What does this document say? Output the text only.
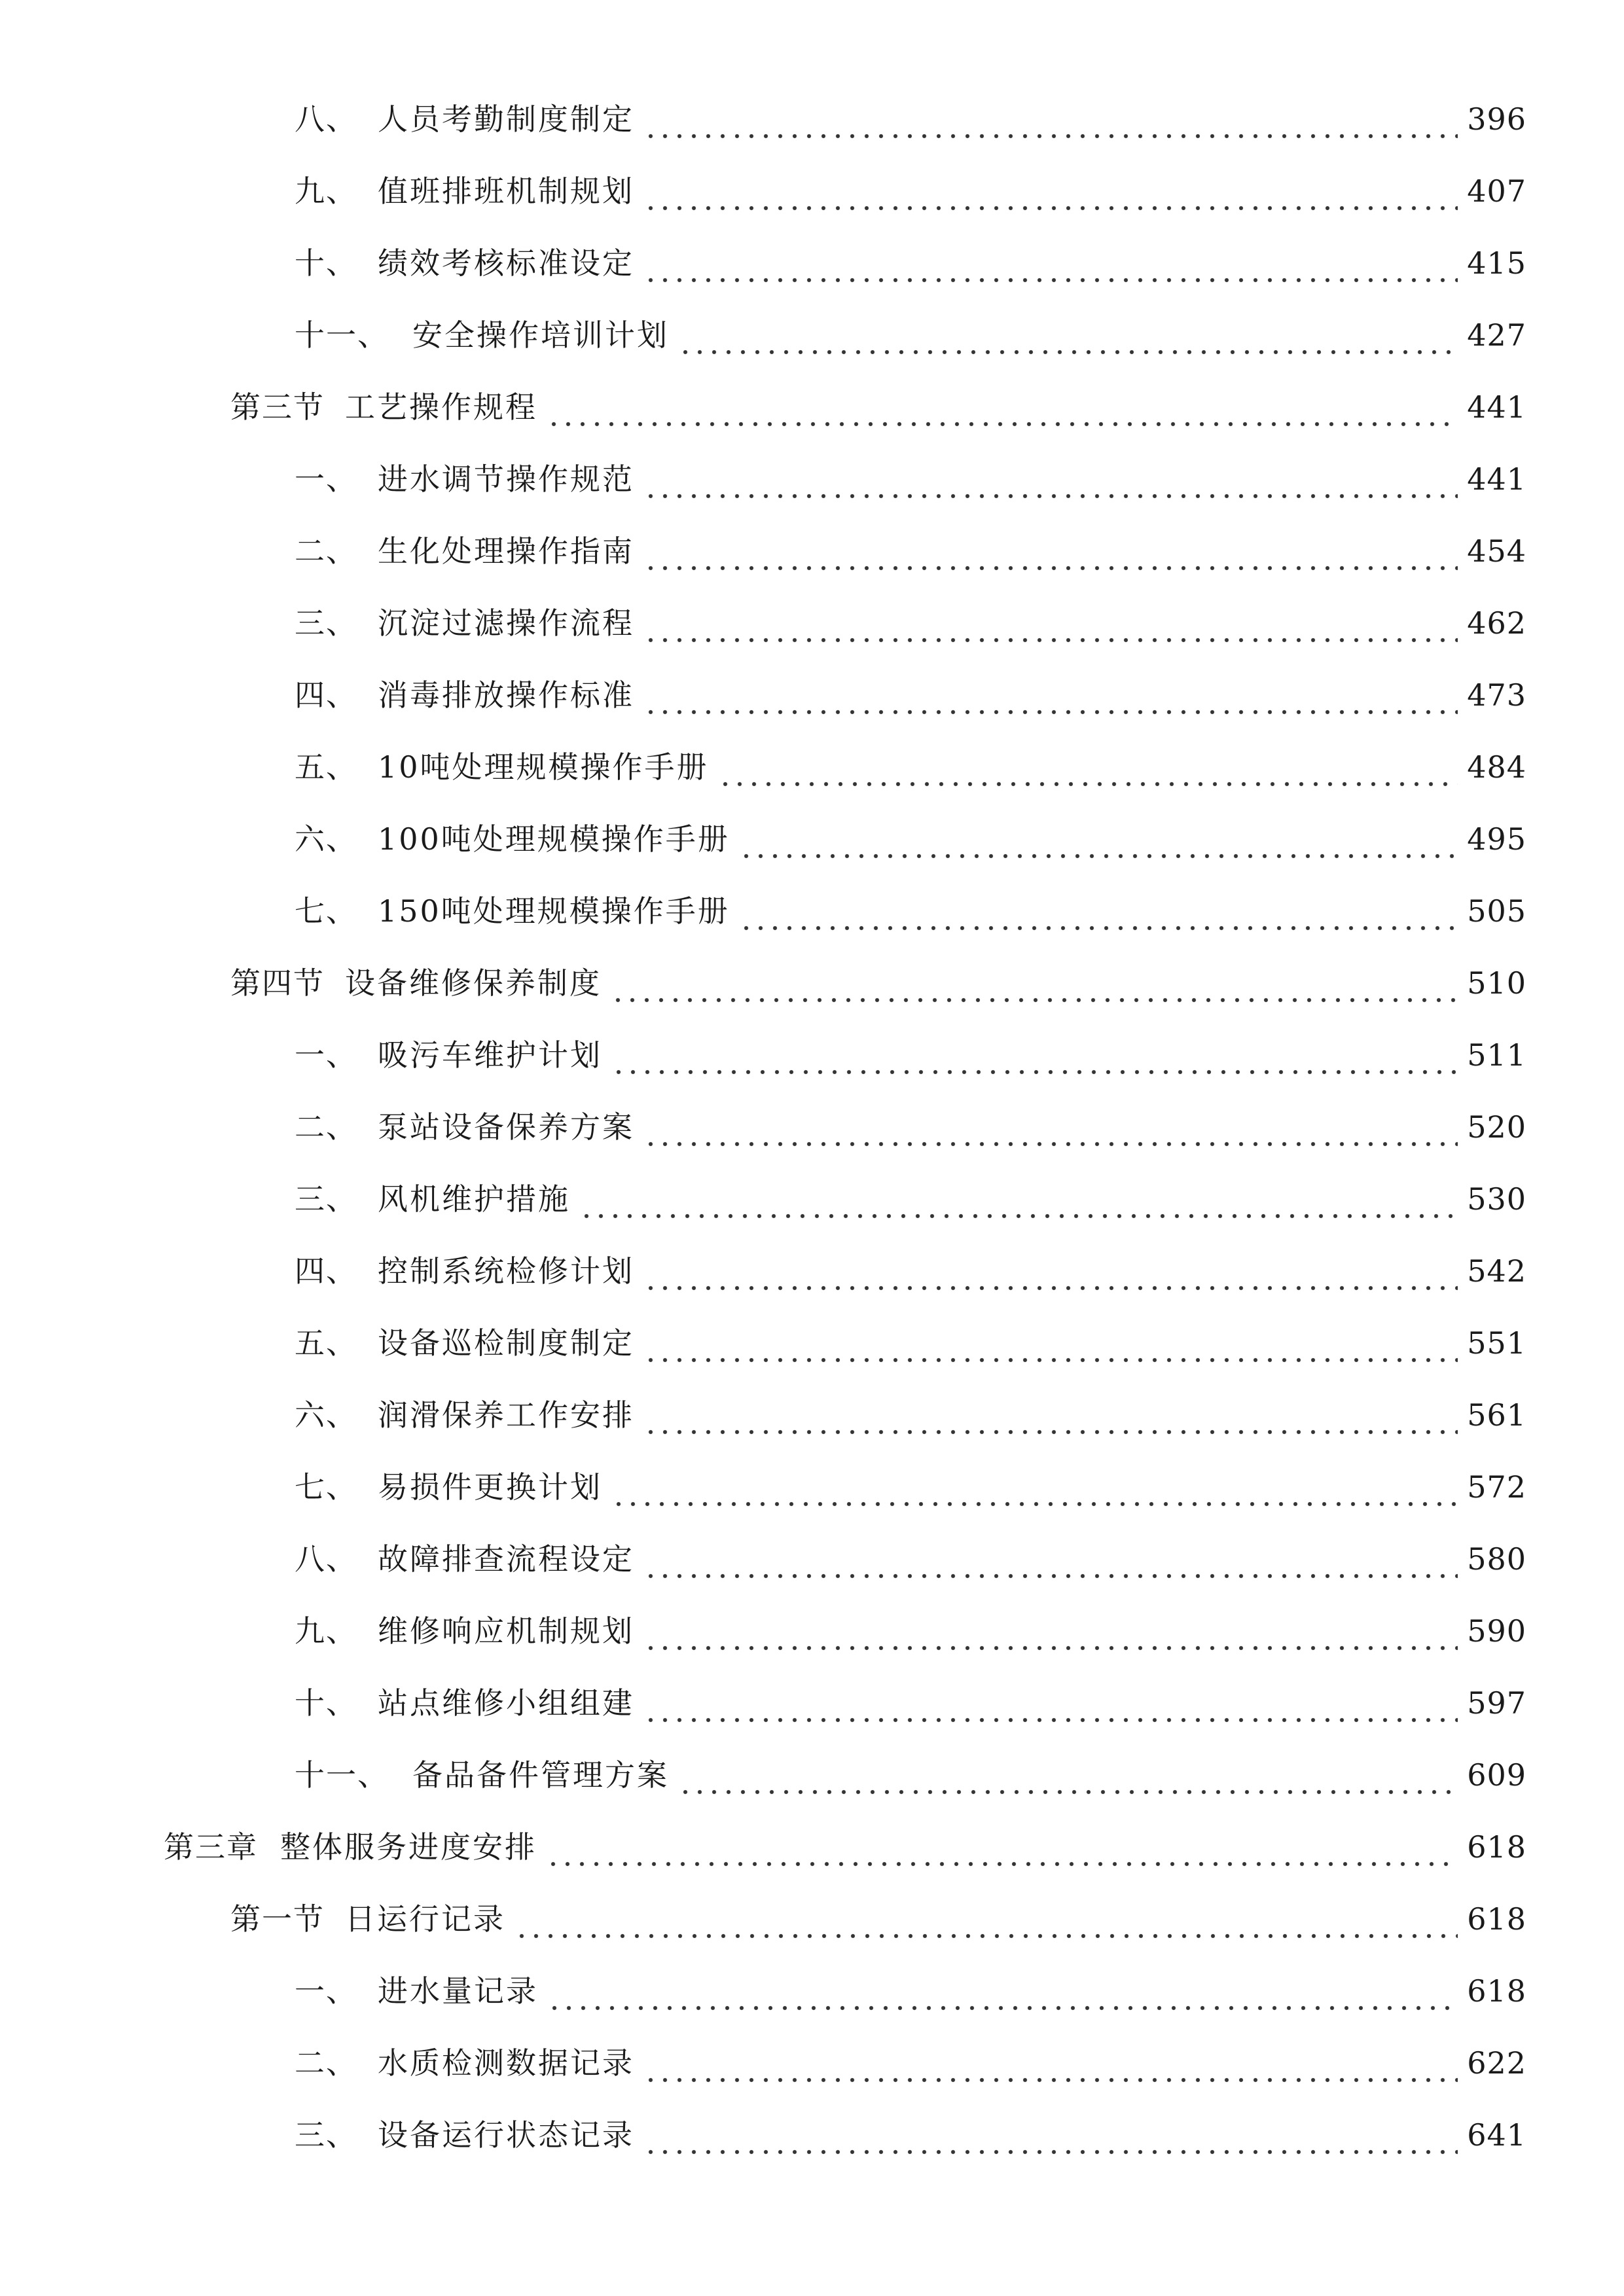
八、 人员考勤制度制定	396
九、 值班排班机制规划	407
十、 绩效考核标准设定	415
十一、 安全操作培训计划	427
第三节 工艺操作规程	441
一、 进水调节操作规范	441
二、 生化处理操作指南	454
三、 沉淀过滤操作流程	462
四、 消毒排放操作标准	473
五、 10吨处理规模操作手册	484
六、 100吨处理规模操作手册	495
七、 150吨处理规模操作手册	505
第四节 设备维修保养制度	510
一、 吸污车维护计划	511
二、 泵站设备保养方案	520
三、 风机维护措施	530
四、 控制系统检修计划	542
五、 设备巡检制度制定	551
六、 润滑保养工作安排	561
七、 易损件更换计划	572
八、 故障排查流程设定	580
九、 维修响应机制规划	590
十、 站点维修小组组建	597
十一、 备品备件管理方案	609
第三章 整体服务进度安排	618
第一节 日运行记录	618
一、 进水量记录	618
二、 水质检测数据记录	622
三、 设备运行状态记录	641
